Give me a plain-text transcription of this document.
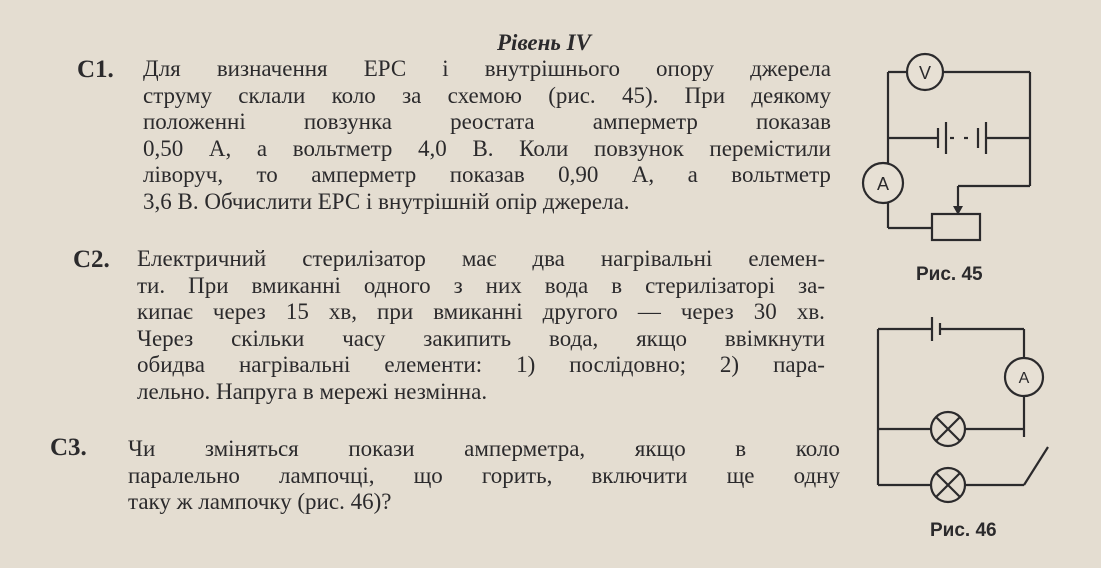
Рівень IV
С1. Для визначення ЕРС і внутрішнього опору джерела
струму склали коло за схемою (рис. 45). При деякому
положенні	повзунка	реостата	амперметр	показав
0,50 А, а вольтметр 4,0 В. Коли повзунок перемістили
ліворуч, то амперметр показав 0,90 А, а вольтметр
3,6 В. Обчислити ЕРС і внутрішній опір джерела.
С2. Електричний стерилізатор має два нагрівальні елемен-
ти. При вмиканні одного з них вода в стерилізаторі за-
кипає через 15 хв, при вмиканні другого — через 30 хв.
Через скільки часу закипить вода, якщо ввімкнути
обидва нагрівальні елементи: 1) послідовно; 2) пара-
лельно. Напруга в мережі незмінна.
С3. Чи зміняться покази амперметра, якщо в коло
паралельно лампочці, що горить, включити ще одну
таку ж лампочку (рис. 46)?
V
A
Рис. 45
A
Рис. 46
